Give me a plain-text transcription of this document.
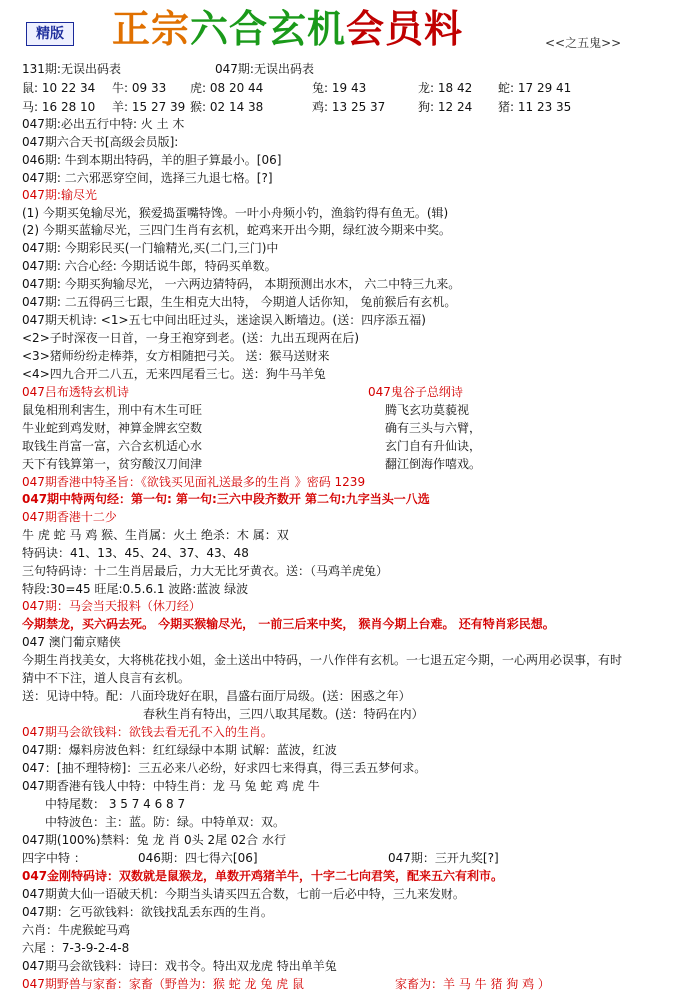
精版 正宗六合玄机会员料	<<之五鬼>>
131期:无误出码表	047期:无误出码表
鼠: 10 22 34 牛: 09 33 虎: 08 20 44	兔: 19 43	龙: 18 42 蛇: 17 29 41
马: 16 28 10 羊: 15 27 39 猴: 02 14 38	鸡: 13 25 37	狗: 12 24 猪: 11 23 35
047期:必出五行中特: 火 土 木
047期六合天书[高级会员版]:
046期: 牛到本期出特码，羊的胆子算最小。[06]
047期: 二六邪恶穿空间，选择三九退七格。[?]
047期:输尽光
(1) 今期买兔输尽光，猴爱捣蛋嘴特馋。一叶小舟频小钓，渔翁钓得有鱼无。(辑)
(2) 今期买蓝输尽光，三四门生肖有玄机，蛇鸡来开出今期，绿红波今期来中奖。
047期: 今期彩民买(一门输精光,买(二门,三门)中
047期: 六合心经: 今期话说牛郎，特码买单数。
047期: 今期买狗输尽光， 一六两边猜特码， 本期预测出水木， 六二中特三九来。
047期: 二五得码三七跟，生生相克大出特， 今期道人话你知， 兔前猴后有玄机。
047期天机诗: <1>五七中间出旺过头，迷途误入断墙边。(送：四序添五福)
<2>子时深夜一日首，一身王袍穿到老。(送：九出五现两在后)
<3>猪师纷纷走棒莽，女方相随把弓关。 送：猴马送财来
<4>四九合开二八五，无来四尾看三七。送：狗牛马羊兔
047吕布透特玄机诗	047鬼谷子总纲诗
鼠兔相刑利害生，刑中有木生可旺	腾飞玄功莫藐视
牛业蛇到鸡发财，神算金牌玄空数	确有三头与六臂，
取钱生肖富一富，六合玄机适心水	玄门自有升仙诀，
天下有钱算第一，贫穷酸汉刀间津	翻江倒海作嘻戏。
047期香港中特圣旨：《欲钱买见面礼送最多的生肖 》密码 1239
047期中特两句经：第一句: 第一句:三六中段齐数开 第二句:九字当头一八选
047期香港十二少
牛 虎 蛇 马 鸡 猴、生肖属：火土 绝杀：木 属：双
特码诀：41、13、45、24、37、43、48
三句特码诗：十二生肖居最后，力大无比牙黄衣。送：（马鸡羊虎兔）
特段:30=45 旺尾:0.5.6.1 波路:蓝波 绿波
047期：马会当天报料（休刀经）
今期禁龙，买六码去死。 今期买猴输尽光， 一前三后来中奖， 猴肖今期上台难。 还有特肖彩民想。
047 澳门葡京赌侠
今期生肖找美女，大将桃花找小姐，金土送出中特码，一八作伴有玄机。一七退五定今期，一心两用必误事，有时
猜中不下注，道人良言有玄机。
送：见诗中特。配：八面玲珑好在职，昌盛右面厅局级。(送：困惑之年）
春秋生肖有特出，三四八取其尾数。(送：特码在内）
047期马会欲钱料：欲钱去看无孔不入的生肖。
047期：爆料房波色料：红红绿绿中本期 试解：蓝波，红波
047：[抽不理特榜]：三五必来八必纷，好求四七来得真，得三丢五梦何求。
047期香港有钱人中特：中特生肖：龙 马 兔 蛇 鸡 虎 牛
中特尾数： 3 5 7 4 6 8 7
中特波色：主：蓝。防：绿。中特单双：双。
047期(100%)禁料：兔 龙 肖 0头 2尾 02合 水行
四字中特 ：	046期：四七得六[06]	047期：三开九奖[?]
047金刚特码诗：双数就是鼠猴龙，单数开鸡猪羊牛，十字二七向君笑，配来五六有利市。
047期黄大仙一语破天机：今期当头请买四五合数，七前一后必中特，三九来发财。
047期：乞丐欲钱料：欲钱找乱丢东西的生肖。
六肖：牛虎猴蛇马鸡
六尾 ：7-3-9-2-4-8
047期马会欲钱料：诗曰：戏书令。特出双龙虎 特出单羊兔
047期野兽与家畜：家畜（野兽为：猴 蛇 龙 兔 虎 鼠	家畜为：羊 马 牛 猪 狗 鸡 ）
